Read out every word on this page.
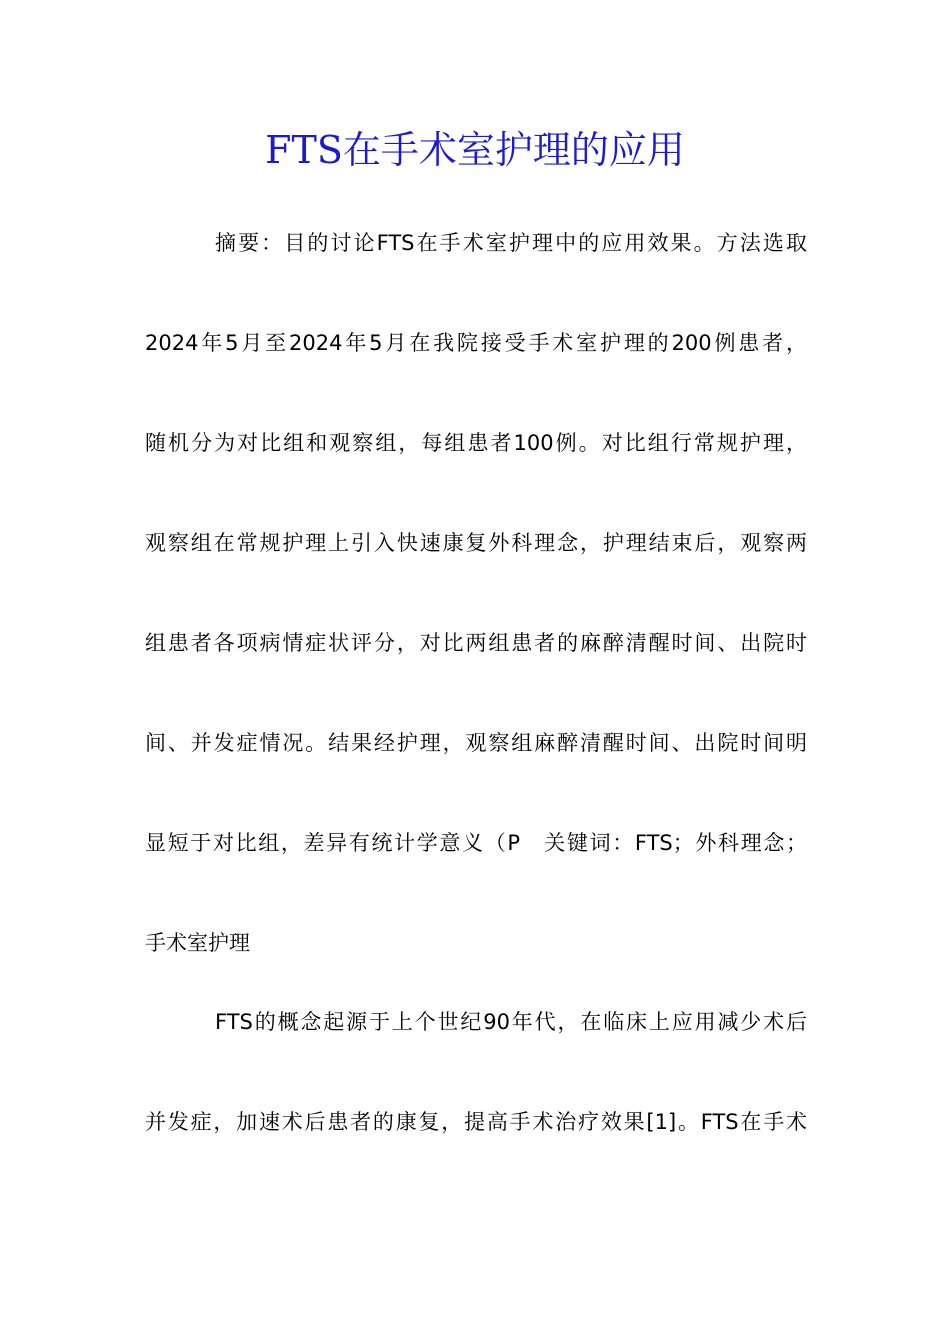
FTS在手术室护理的应用
摘要：目的讨论FTS在手术室护理中的应用效果。方法选取
2024年5月至2024年5月在我院接受手术室护理的200例患者，
随机分为对比组和观察组，每组患者100例。对比组行常规护理，
观察组在常规护理上引入快速康复外科理念，护理结束后，观察两
组患者各项病情症状评分，对比两组患者的麻醉清醒时间、出院时
间、并发症情况。结果经护理，观察组麻醉清醒时间、出院时间明
显短于对比组，差异有统计学意义（P　关键词：FTS；外科理念；
手术室护理
FTS的概念起源于上个世纪90年代，在临床上应用减少术后
并发症，加速术后患者的康复，提高手术治疗效果[1]。FTS在手术
